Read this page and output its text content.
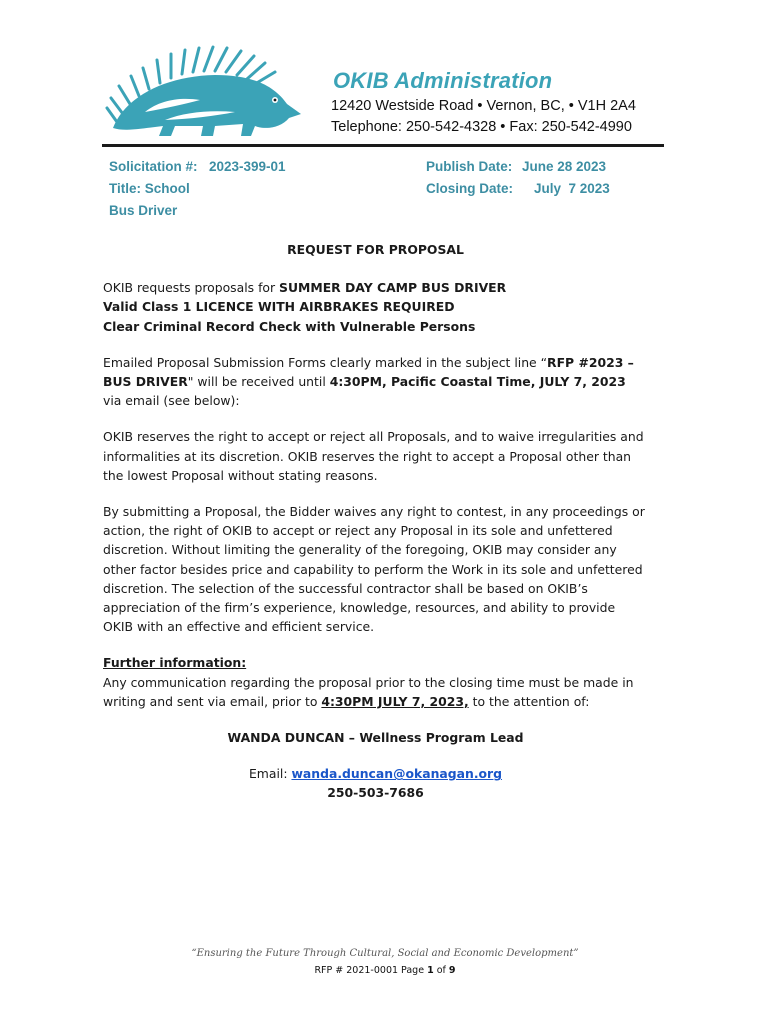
OKIB Administration
12420 Westside Road • Vernon, BC, • V1H 2A4
Telephone: 250-542-4328 • Fax: 250-542-4990
Solicitation #: 2023-399-01
Title: School
Bus Driver
Publish Date: June 28 2023
Closing Date: July  7 2023

REQUEST FOR PROPOSAL

OKIB requests proposals for SUMMER DAY CAMP BUS DRIVER
Valid Class 1 LICENCE WITH AIRBRAKES REQUIRED
Clear Criminal Record Check with Vulnerable Persons

Emailed Proposal Submission Forms clearly marked in the subject line “RFP #2023 – BUS DRIVER" will be received until 4:30PM, Pacific Coastal Time, JULY 7, 2023 via email (see below):

OKIB reserves the right to accept or reject all Proposals, and to waive irregularities and informalities at its discretion. OKIB reserves the right to accept a Proposal other than the lowest Proposal without stating reasons.

By submitting a Proposal, the Bidder waives any right to contest, in any proceedings or action, the right of OKIB to accept or reject any Proposal in its sole and unfettered discretion. Without limiting the generality of the foregoing, OKIB may consider any other factor besides price and capability to perform the Work in its sole and unfettered discretion. The selection of the successful contractor shall be based on OKIB’s appreciation of the firm’s experience, knowledge, resources, and ability to provide OKIB with an effective and efficient service.

Further information:
Any communication regarding the proposal prior to the closing time must be made in writing and sent via email, prior to 4:30PM JULY 7, 2023, to the attention of:

WANDA DUNCAN – Wellness Program Lead

Email: wanda.duncan@okanagan.org
250-503-7686

“Ensuring the Future Through Cultural, Social and Economic Development”
RFP # 2021-0001 Page 1 of 9
